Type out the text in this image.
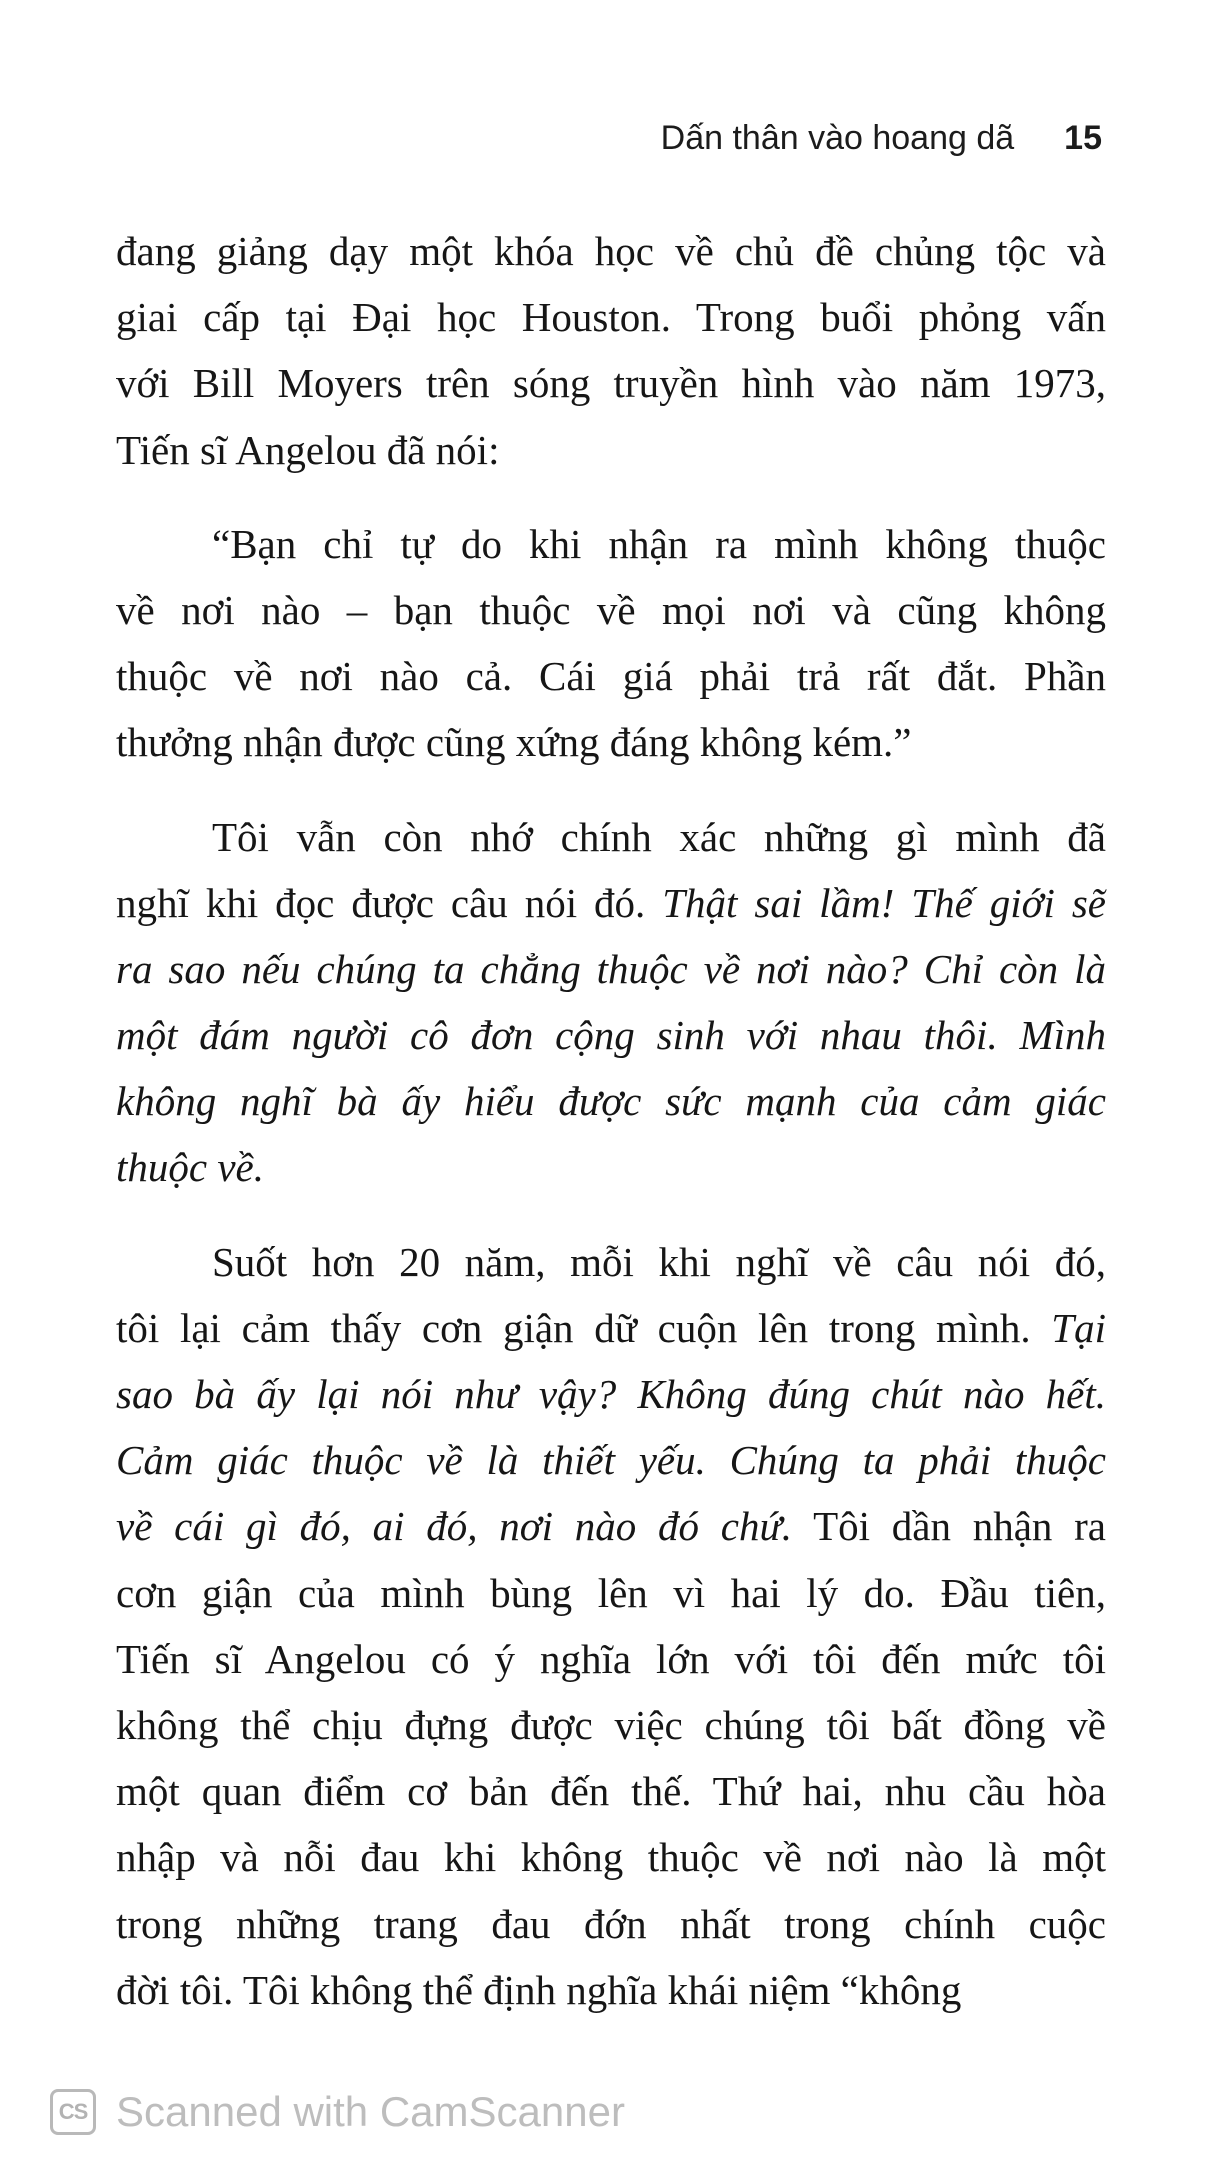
Dấn thân vào hoang dã 15
đang giảng dạy một khóa học về chủ đề chủng tộc và
giai cấp tại Đại học Houston. Trong buổi phỏng vấn
với Bill Moyers trên sóng truyền hình vào năm 1973,
Tiến sĩ Angelou đã nói:
“Bạn chỉ tự do khi nhận ra mình không thuộc
về nơi nào – bạn thuộc về mọi nơi và cũng không
thuộc về nơi nào cả. Cái giá phải trả rất đắt. Phần
thưởng nhận được cũng xứng đáng không kém.”
Tôi vẫn còn nhớ chính xác những gì mình đã
nghĩ khi đọc được câu nói đó. Thật sai lầm! Thế giới sẽ
ra sao nếu chúng ta chẳng thuộc về nơi nào? Chỉ còn là
một đám người cô đơn cộng sinh với nhau thôi. Mình
không nghĩ bà ấy hiểu được sức mạnh của cảm giác
thuộc về.
Suốt hơn 20 năm, mỗi khi nghĩ về câu nói đó,
tôi lại cảm thấy cơn giận dữ cuộn lên trong mình. Tại
sao bà ấy lại nói như vậy? Không đúng chút nào hết.
Cảm giác thuộc về là thiết yếu. Chúng ta phải thuộc
về cái gì đó, ai đó, nơi nào đó chứ. Tôi dần nhận ra
cơn giận của mình bùng lên vì hai lý do. Đầu tiên,
Tiến sĩ Angelou có ý nghĩa lớn với tôi đến mức tôi
không thể chịu đựng được việc chúng tôi bất đồng về
một quan điểm cơ bản đến thế. Thứ hai, nhu cầu hòa
nhập và nỗi đau khi không thuộc về nơi nào là một
trong những trang đau đớn nhất trong chính cuộc
đời tôi. Tôi không thể định nghĩa khái niệm “không
CS Scanned with CamScanner
